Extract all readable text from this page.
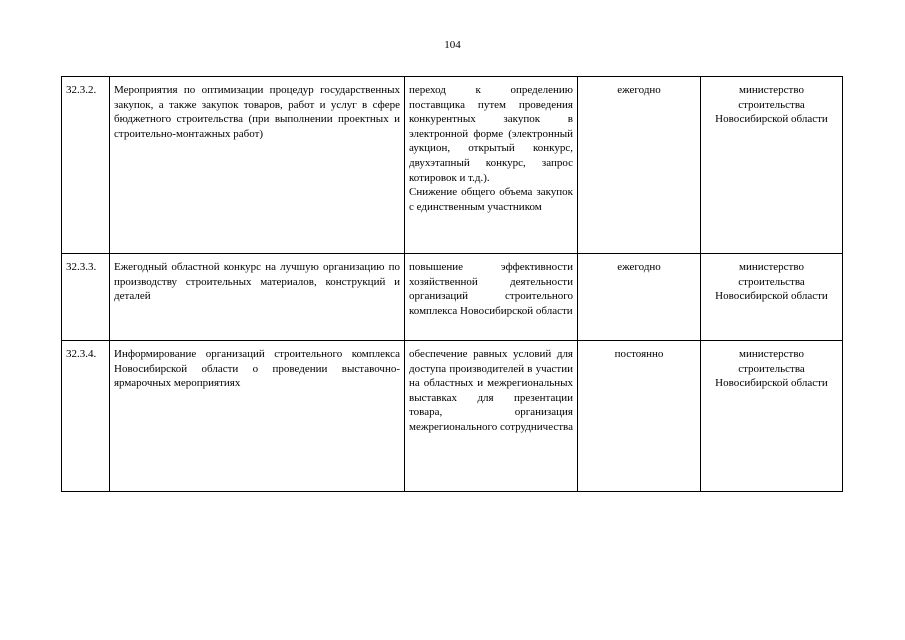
104
32.3.2.	Мероприятия по оптимизации процедур государственных закупок, а также закупок товаров, работ и услуг в сфере бюджетного строительства (при выполнении проектных и строительно-монтажных работ)	переход к определению поставщика путем проведения конкурентных закупок в электронной форме (электронный аукцион, открытый конкурс, двухэтапный конкурс, запрос котировок и т.д.).
Снижение общего объема закупок с единственным участником	ежегодно	министерство строительства Новосибирской области
32.3.3.	Ежегодный областной конкурс на лучшую организацию по производству строительных материалов, конструкций и деталей	повышение эффективности хозяйственной деятельности организаций строительного комплекса Новосибирской области	ежегодно	министерство строительства Новосибирской области
32.3.4.	Информирование организаций строительного комплекса Новосибирской области о проведении выставочно-ярмарочных мероприятиях	обеспечение равных условий для доступа производителей в участии на областных и межрегиональных выставках для презентации товара, организация межрегионального сотрудничества	постоянно	министерство строительства Новосибирской области
